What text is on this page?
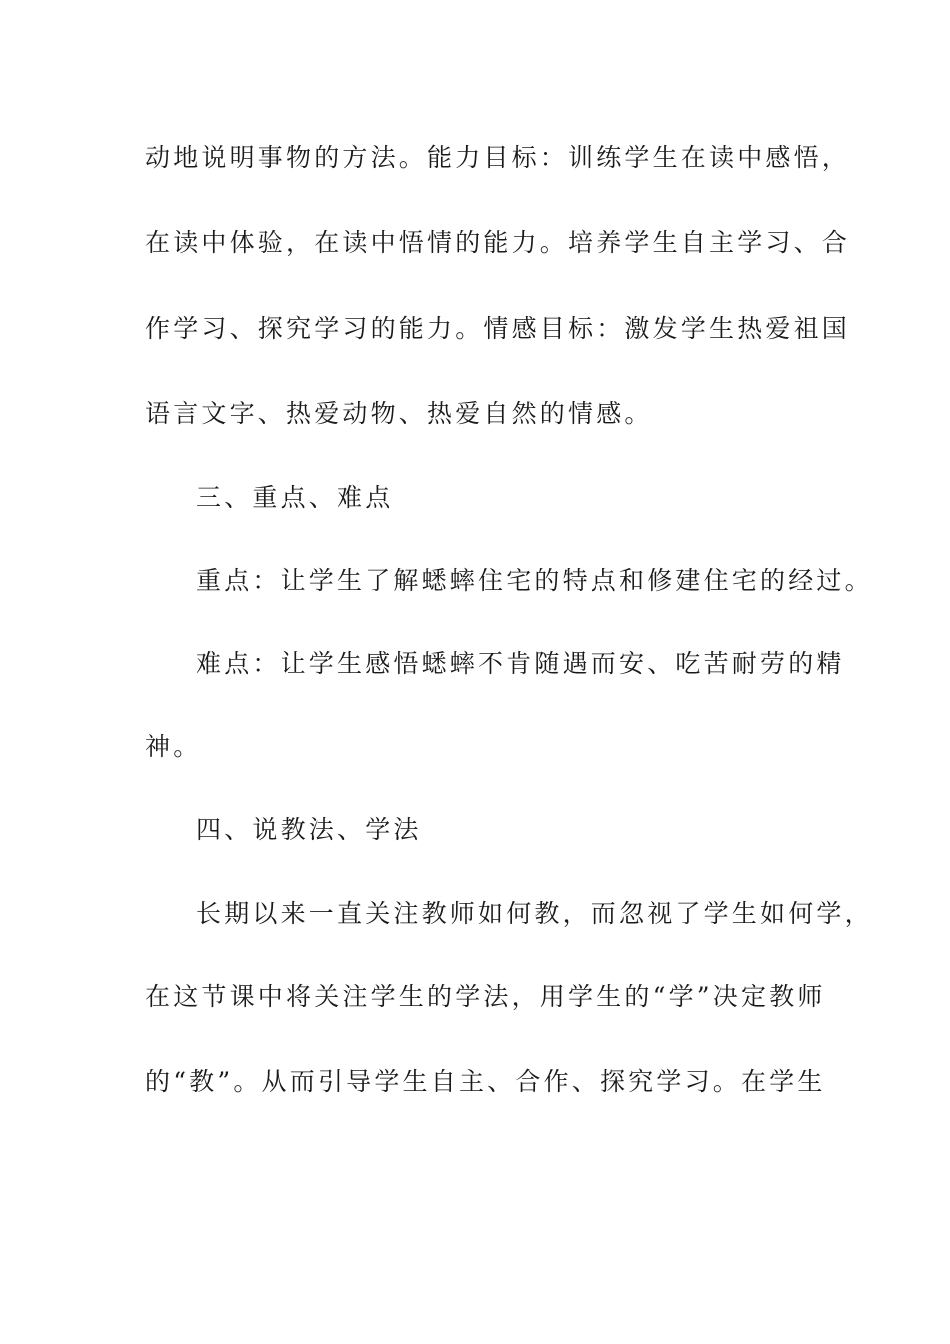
动地说明事物的方法。能力目标：训练学生在读中感悟，
在读中体验，在读中悟情的能力。培养学生自主学习、合
作学习、探究学习的能力。情感目标：激发学生热爱祖国
语言文字、热爱动物、热爱自然的情感。
三、重点、难点
重点：让学生了解蟋蟀住宅的特点和修建住宅的经过。
难点：让学生感悟蟋蟀不肯随遇而安、吃苦耐劳的精
神。
四、说教法、学法
长期以来一直关注教师如何教，而忽视了学生如何学，
在这节课中将关注学生的学法，用学生的“学”决定教师
的“教”。从而引导学生自主、合作、探究学习。在学生
